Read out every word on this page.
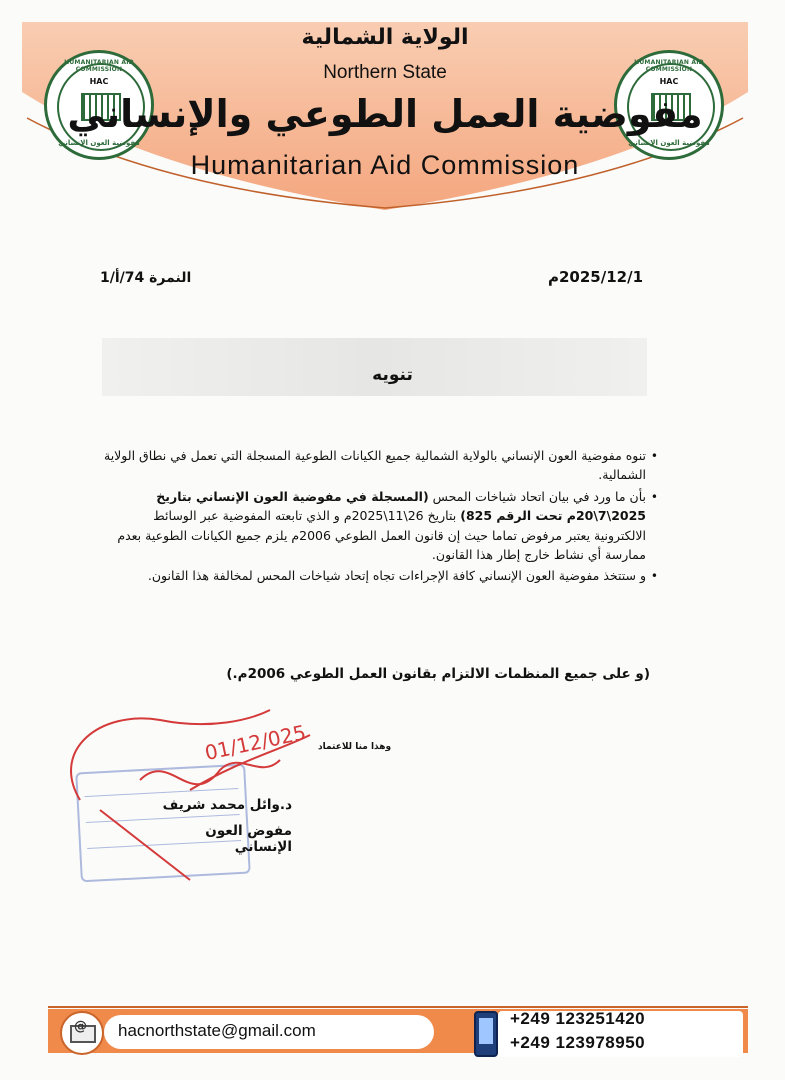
HUMANITARIAN AID COMMISSION
HAC
مفوضية العون الإنساني
HUMANITARIAN AID COMMISSION
HAC
مفوضية العون الإنساني
الولاية الشمالية
Northern State
مفوضية العمل الطوعي والإنساني
Humanitarian Aid Commission
2025/12/1م
النمرة 74/أ/1
تنويه
•
تنوه مفوضية العون الإنساني بالولاية الشمالية جميع الكيانات الطوعية المسجلة التي تعمل في نطاق الولاية الشمالية.
•
بأن ما ورد في بيان اتحاد شياخات المحس (المسجلة في مفوضية العون الإنساني بتاريخ 2025\7\20م تحت الرقم 825) بتاريخ 26\11\2025م و الذي تابعته المفوضية عبر الوسائط الالكترونية يعتبر مرفوض تماما حيث إن قانون العمل الطوعي 2006م يلزم جميع الكيانات الطوعية بعدم ممارسة أي نشاط خارج إطار هذا القانون.
•
و ستتخذ مفوضية العون الإنساني كافة الإجراءات تجاه إتحاد شياخات المحس لمخالفة هذا القانون.
(و على جميع المنظمات الالتزام بقانون العمل الطوعي 2006م.)
وهذا منا للاعتماد
01/12/025
د.وائل محمد شريف
مفوض العون الإنساني
@ hacnorthstate@gmail.com
+249 123251420
+249 123978950
